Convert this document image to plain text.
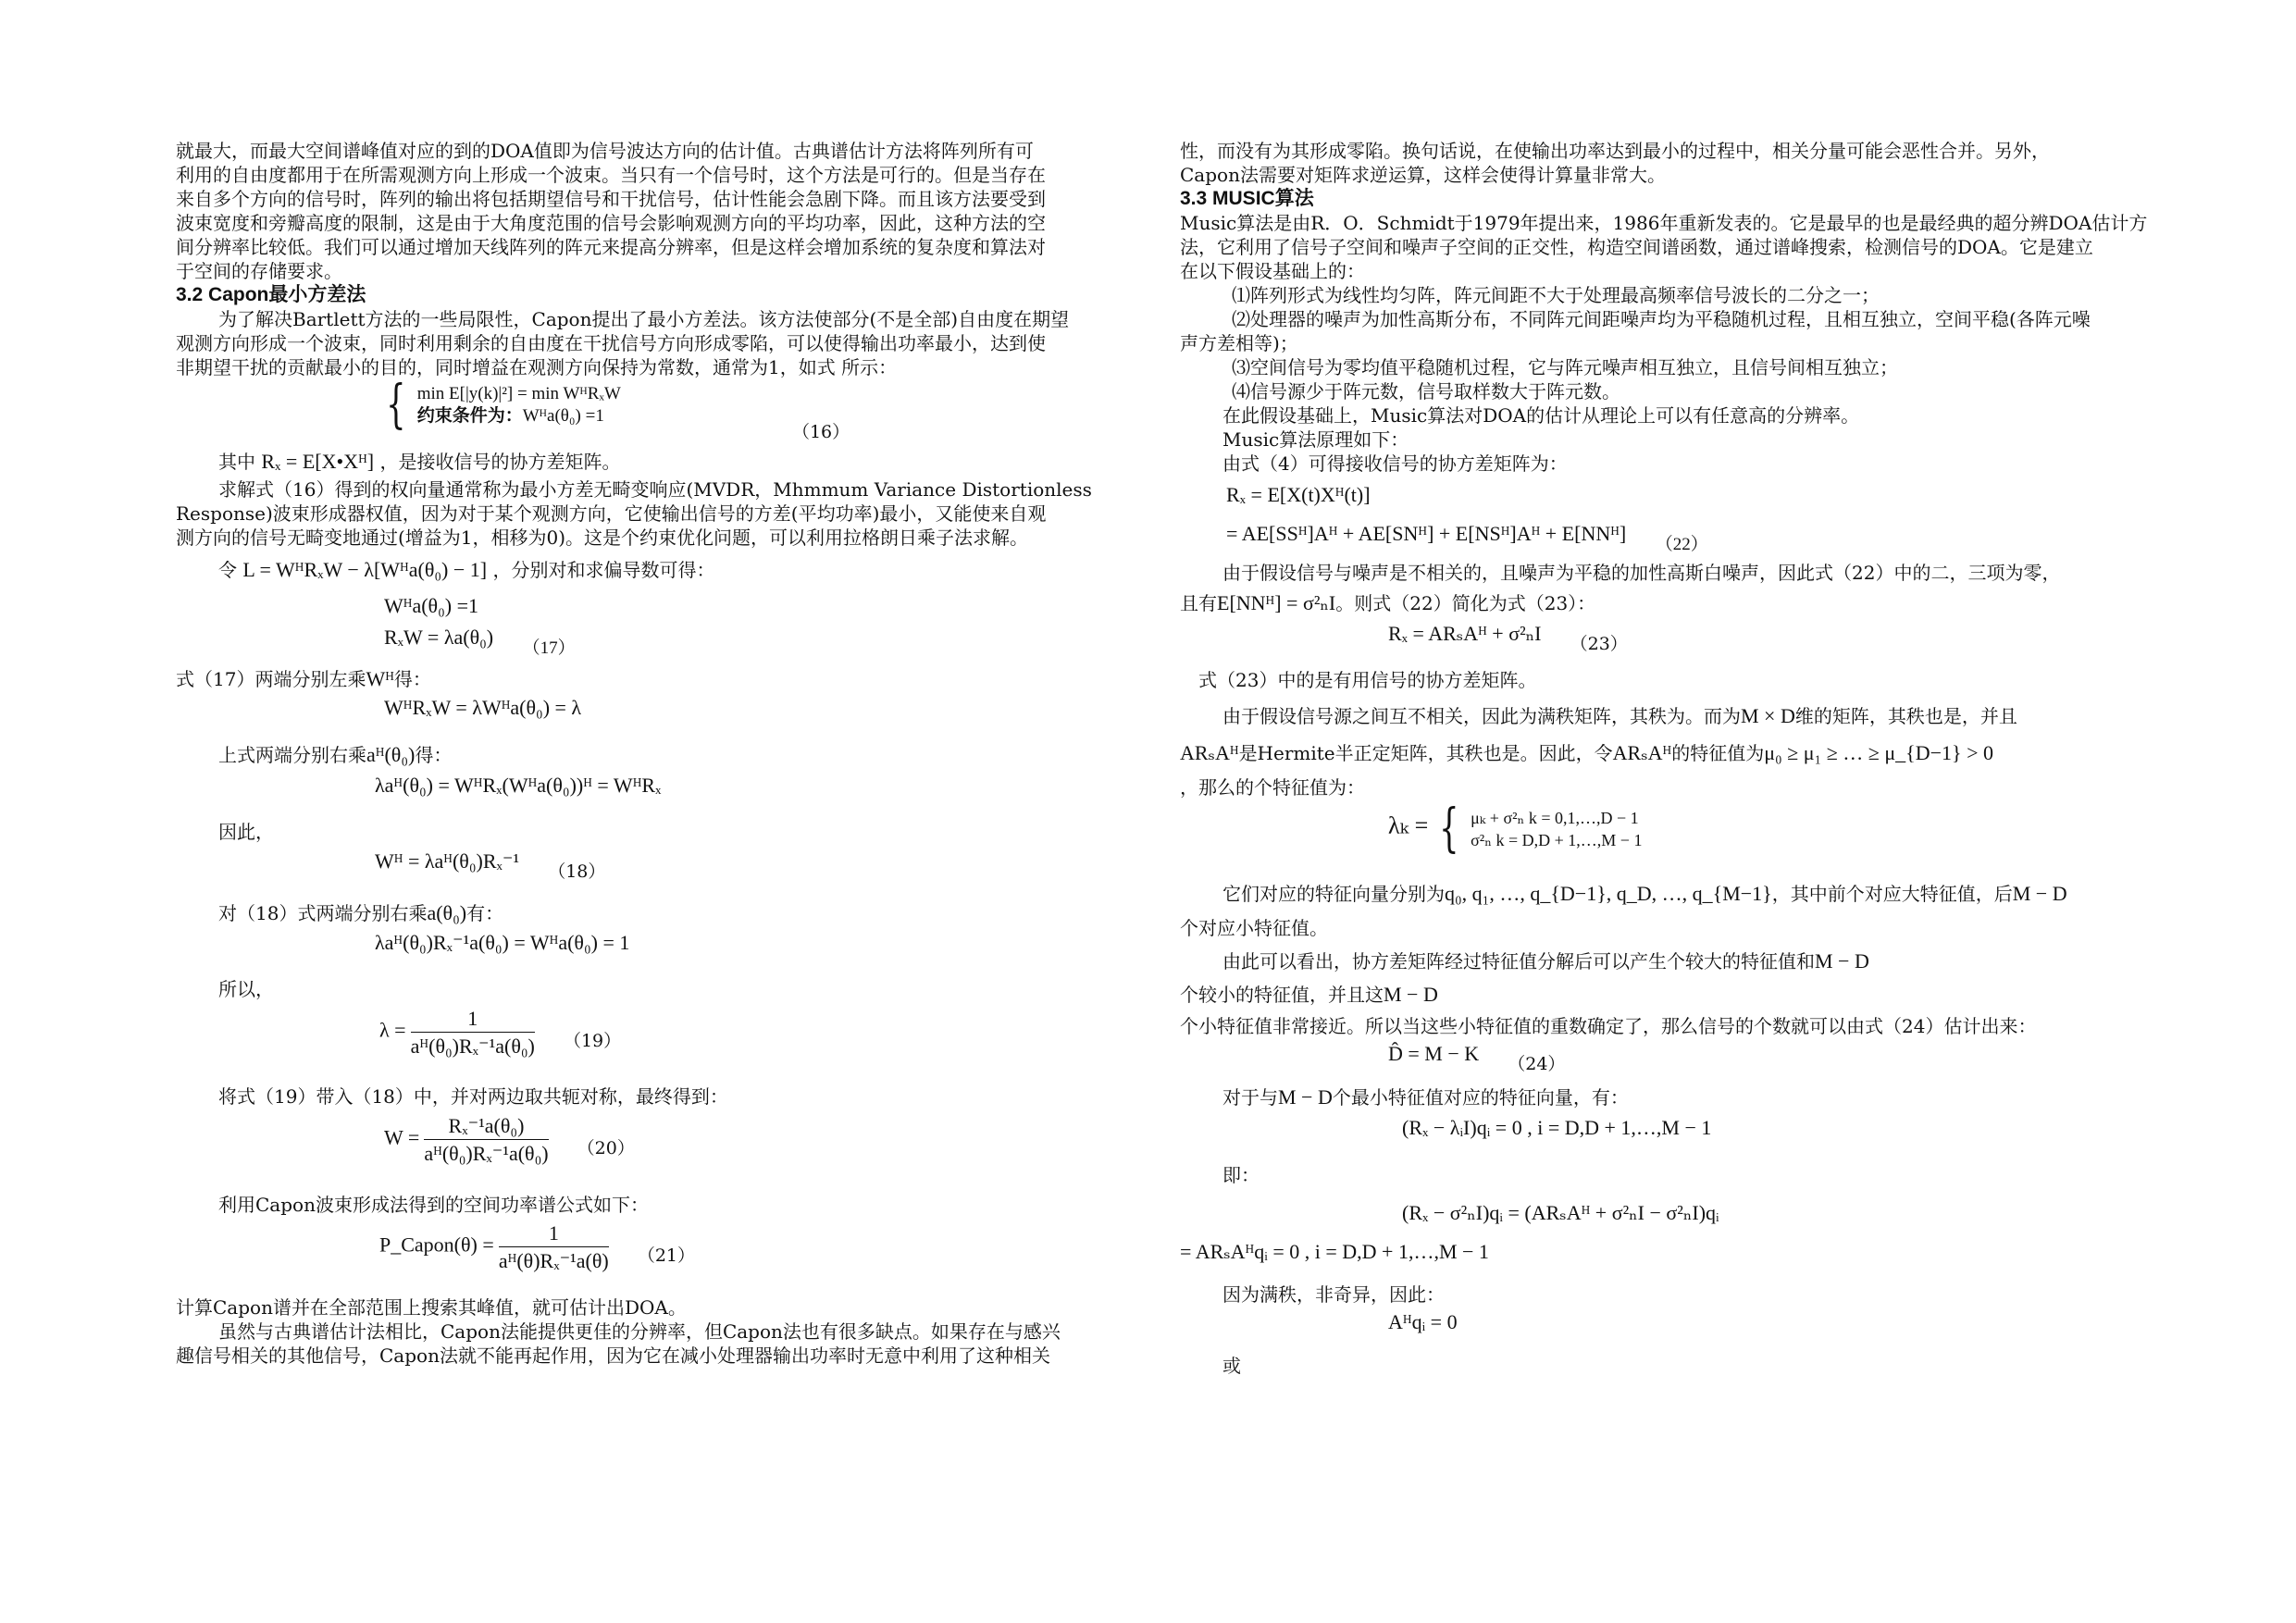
就最大，而最大空间谱峰值对应的到的DOA值即为信号波达方向的估计值。古典谱估计方法将阵列所有可
利用的自由度都用于在所需观测方向上形成一个波束。当只有一个信号时，这个方法是可行的。但是当存在
来自多个方向的信号时，阵列的输出将包括期望信号和干扰信号，估计性能会急剧下降。而且该方法要受到
波束宽度和旁瓣高度的限制，这是由于大角度范围的信号会影响观测方向的平均功率，因此，这种方法的空
间分辨率比较低。我们可以通过增加天线阵列的阵元来提高分辨率，但是这样会增加系统的复杂度和算法对
于空间的存储要求。
3.2 Capon最小方差法
为了解决Bartlett方法的一些局限性，Capon提出了最小方差法。该方法使部分(不是全部)自由度在期望
观测方向形成一个波束，同时利用剩余的自由度在干扰信号方向形成零陷，可以使得输出功率最小，达到使
非期望干扰的贡献最小的目的，同时增益在观测方向保持为常数，通常为1，如式 所示：
{ min E[|y(k)|²] = min WᴴRₓW
约束条件为：Wᴴa(θ₀) =1 （16）
其中 Rₓ = E[X•Xᴴ] ，是接收信号的协方差矩阵。
求解式（16）得到的权向量通常称为最小方差无畸变响应(MVDR，Mhmmum Variance Distortionless
Response)波束形成器权值，因为对于某个观测方向，它使输出信号的方差(平均功率)最小，又能使来自观
测方向的信号无畸变地通过(增益为1，相移为0)。这是个约束优化问题，可以利用拉格朗日乘子法求解。
令 L = WᴴRₓW − λ[Wᴴa(θ₀) − 1] ，分别对和求偏导数可得：
Wᴴa(θ₀) =1
RₓW = λa(θ₀) （17）
式（17）两端分别左乘Wᴴ得：
WᴴRₓW = λWᴴa(θ₀) = λ
上式两端分别右乘aᴴ(θ₀)得：
λaᴴ(θ₀) = WᴴRₓ(Wᴴa(θ₀))ᴴ = WᴴRₓ
因此，
Wᴴ = λaᴴ(θ₀)Rₓ⁻¹ （18）
对（18）式两端分别右乘a(θ₀)有：
λaᴴ(θ₀)Rₓ⁻¹a(θ₀) = Wᴴa(θ₀) = 1
所以，
$\lambda = \frac{1}{\text{aᴴ(θ₀)Rₓ⁻¹a(θ₀)}} (19)$
将式（19）带入（18）中，并对两边取共轭对称，最终得到：
$W = \frac{\text{Rₓ⁻¹a(θ₀)}}{\text{aᴴ(θ₀)Rₓ⁻¹a(θ₀)}} (20)$
利用Capon波束形成法得到的空间功率谱公式如下：
P_Capon(θ) = $\frac{1}{\text{aᴴ(θ)Rₓ⁻¹a(θ)}} (21)$
计算Capon谱并在全部范围上搜索其峰值，就可估计出DOA。
虽然与古典谱估计法相比，Capon法能提供更佳的分辨率，但Capon法也有很多缺点。如果存在与感兴
趣信号相关的其他信号，Capon法就不能再起作用，因为它在减小处理器输出功率时无意中利用了这种相关
性，而没有为其形成零陷。换句话说，在使输出功率达到最小的过程中，相关分量可能会恶性合并。另外，
Capon法需要对矩阵求逆运算，这样会使得计算量非常大。
3.3 MUSIC算法
Music算法是由R．O．Schmidt于1979年提出来，1986年重新发表的。它是最早的也是最经典的超分辨DOA估计方
法，它利用了信号子空间和噪声子空间的正交性，构造空间谱函数，通过谱峰搜索，检测信号的DOA。它是建立
在以下假设基础上的：
⑴阵列形式为线性均匀阵，阵元间距不大于处理最高频率信号波长的二分之一；
⑵处理器的噪声为加性高斯分布，不同阵元间距噪声均为平稳随机过程，且相互独立，空间平稳(各阵元噪
声方差相等)；
⑶空间信号为零均值平稳随机过程，它与阵元噪声相互独立，且信号间相互独立；
⑷信号源少于阵元数，信号取样数大于阵元数。
在此假设基础上，Music算法对DOA的估计从理论上可以有任意高的分辨率。
Music算法原理如下：
由式（4）可得接收信号的协方差矩阵为：
Rₓ = E[X(t)Xᴴ(t)]
= AE[SSᴴ]Aᴴ + AE[SNᴴ] + E[NSᴴ]Aᴴ + E[NNᴴ] （22）
由于假设信号与噪声是不相关的，且噪声为平稳的加性高斯白噪声，因此式（22）中的二，三项为零，
且有E[NNᴴ] = σ²ₙI。则式（22）简化为式（23）：
Rₓ = ARₛAᴴ + σ²ₙI （23）
式（23）中的是有用信号的协方差矩阵。
由于假设信号源之间互不相关，因此为满秩矩阵，其秩为。而为M × D维的矩阵，其秩也是，并且
ARₛAᴴ是Hermite半正定矩阵，其秩也是。因此，令ARₛAᴴ的特征值为μ₀ ≥ μ₁ ≥ … ≥ μ_{D−1} > 0
，那么的个特征值为：
λₖ = { μₖ + σ²ₙ k = 0,1,…,D − 1
σ²ₙ k = D,D + 1,…,M − 1
它们对应的特征向量分别为q₀, q₁, …, q_{D−1}, q_D, …, q_{M−1}，其中前个对应大特征值，后M − D
个对应小特征值。
由此可以看出，协方差矩阵经过特征值分解后可以产生个较大的特征值和M − D
个较小的特征值，并且这M − D
个小特征值非常接近。所以当这些小特征值的重数确定了，那么信号的个数就可以由式（24）估计出来：
D̂ = M − K （24）
对于与M − D个最小特征值对应的特征向量，有：
(Rₓ − λᵢI)qᵢ = 0 , i = D,D + 1,…,M − 1
即：
(Rₓ − σ²ₙI)qᵢ = (ARₛAᴴ + σ²ₙI − σ²ₙI)qᵢ
= ARₛAᴴqᵢ = 0 , i = D,D + 1,…,M − 1
因为满秩，非奇异，因此：
Aᴴqᵢ = 0
或
